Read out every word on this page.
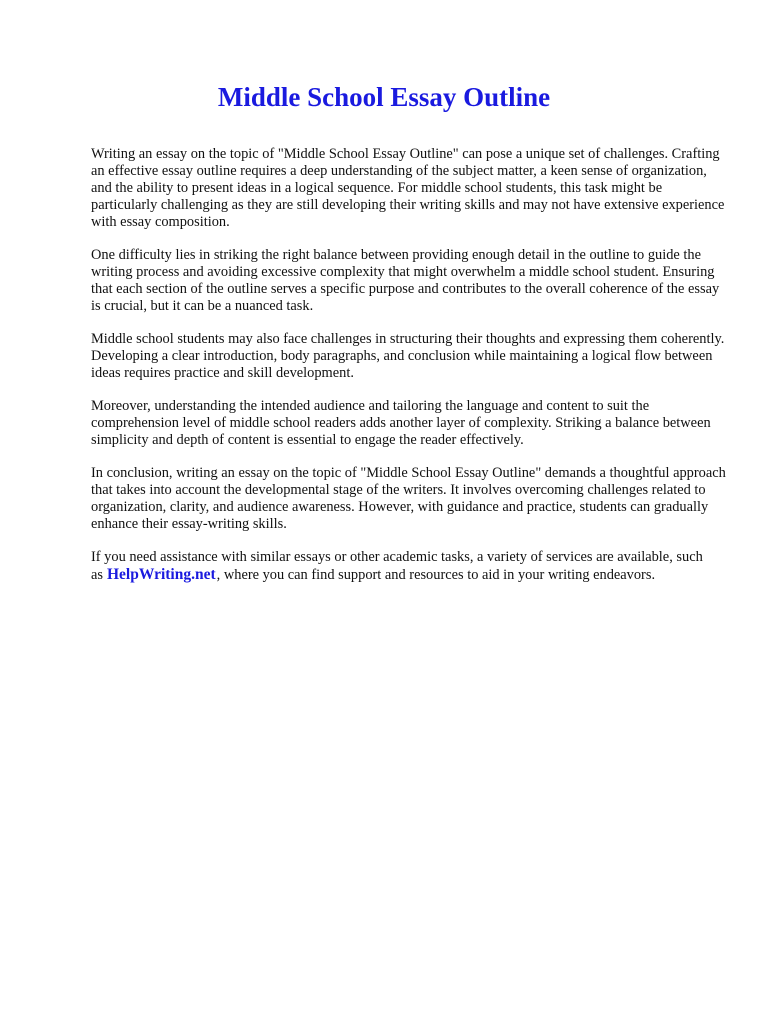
Middle School Essay Outline

Writing an essay on the topic of "Middle School Essay Outline" can pose a unique set of challenges. Crafting an effective essay outline requires a deep understanding of the subject matter, a keen sense of organization, and the ability to present ideas in a logical sequence. For middle school students, this task might be particularly challenging as they are still developing their writing skills and may not have extensive experience with essay composition.

One difficulty lies in striking the right balance between providing enough detail in the outline to guide the writing process and avoiding excessive complexity that might overwhelm a middle school student. Ensuring that each section of the outline serves a specific purpose and contributes to the overall coherence of the essay is crucial, but it can be a nuanced task.

Middle school students may also face challenges in structuring their thoughts and expressing them coherently. Developing a clear introduction, body paragraphs, and conclusion while maintaining a logical flow between ideas requires practice and skill development.

Moreover, understanding the intended audience and tailoring the language and content to suit the comprehension level of middle school readers adds another layer of complexity. Striking a balance between simplicity and depth of content is essential to engage the reader effectively.

In conclusion, writing an essay on the topic of "Middle School Essay Outline" demands a thoughtful approach that takes into account the developmental stage of the writers. It involves overcoming challenges related to organization, clarity, and audience awareness. However, with guidance and practice, students can gradually enhance their essay-writing skills.

If you need assistance with similar essays or other academic tasks, a variety of services are available, such as HelpWriting.net, where you can find support and resources to aid in your writing endeavors.
